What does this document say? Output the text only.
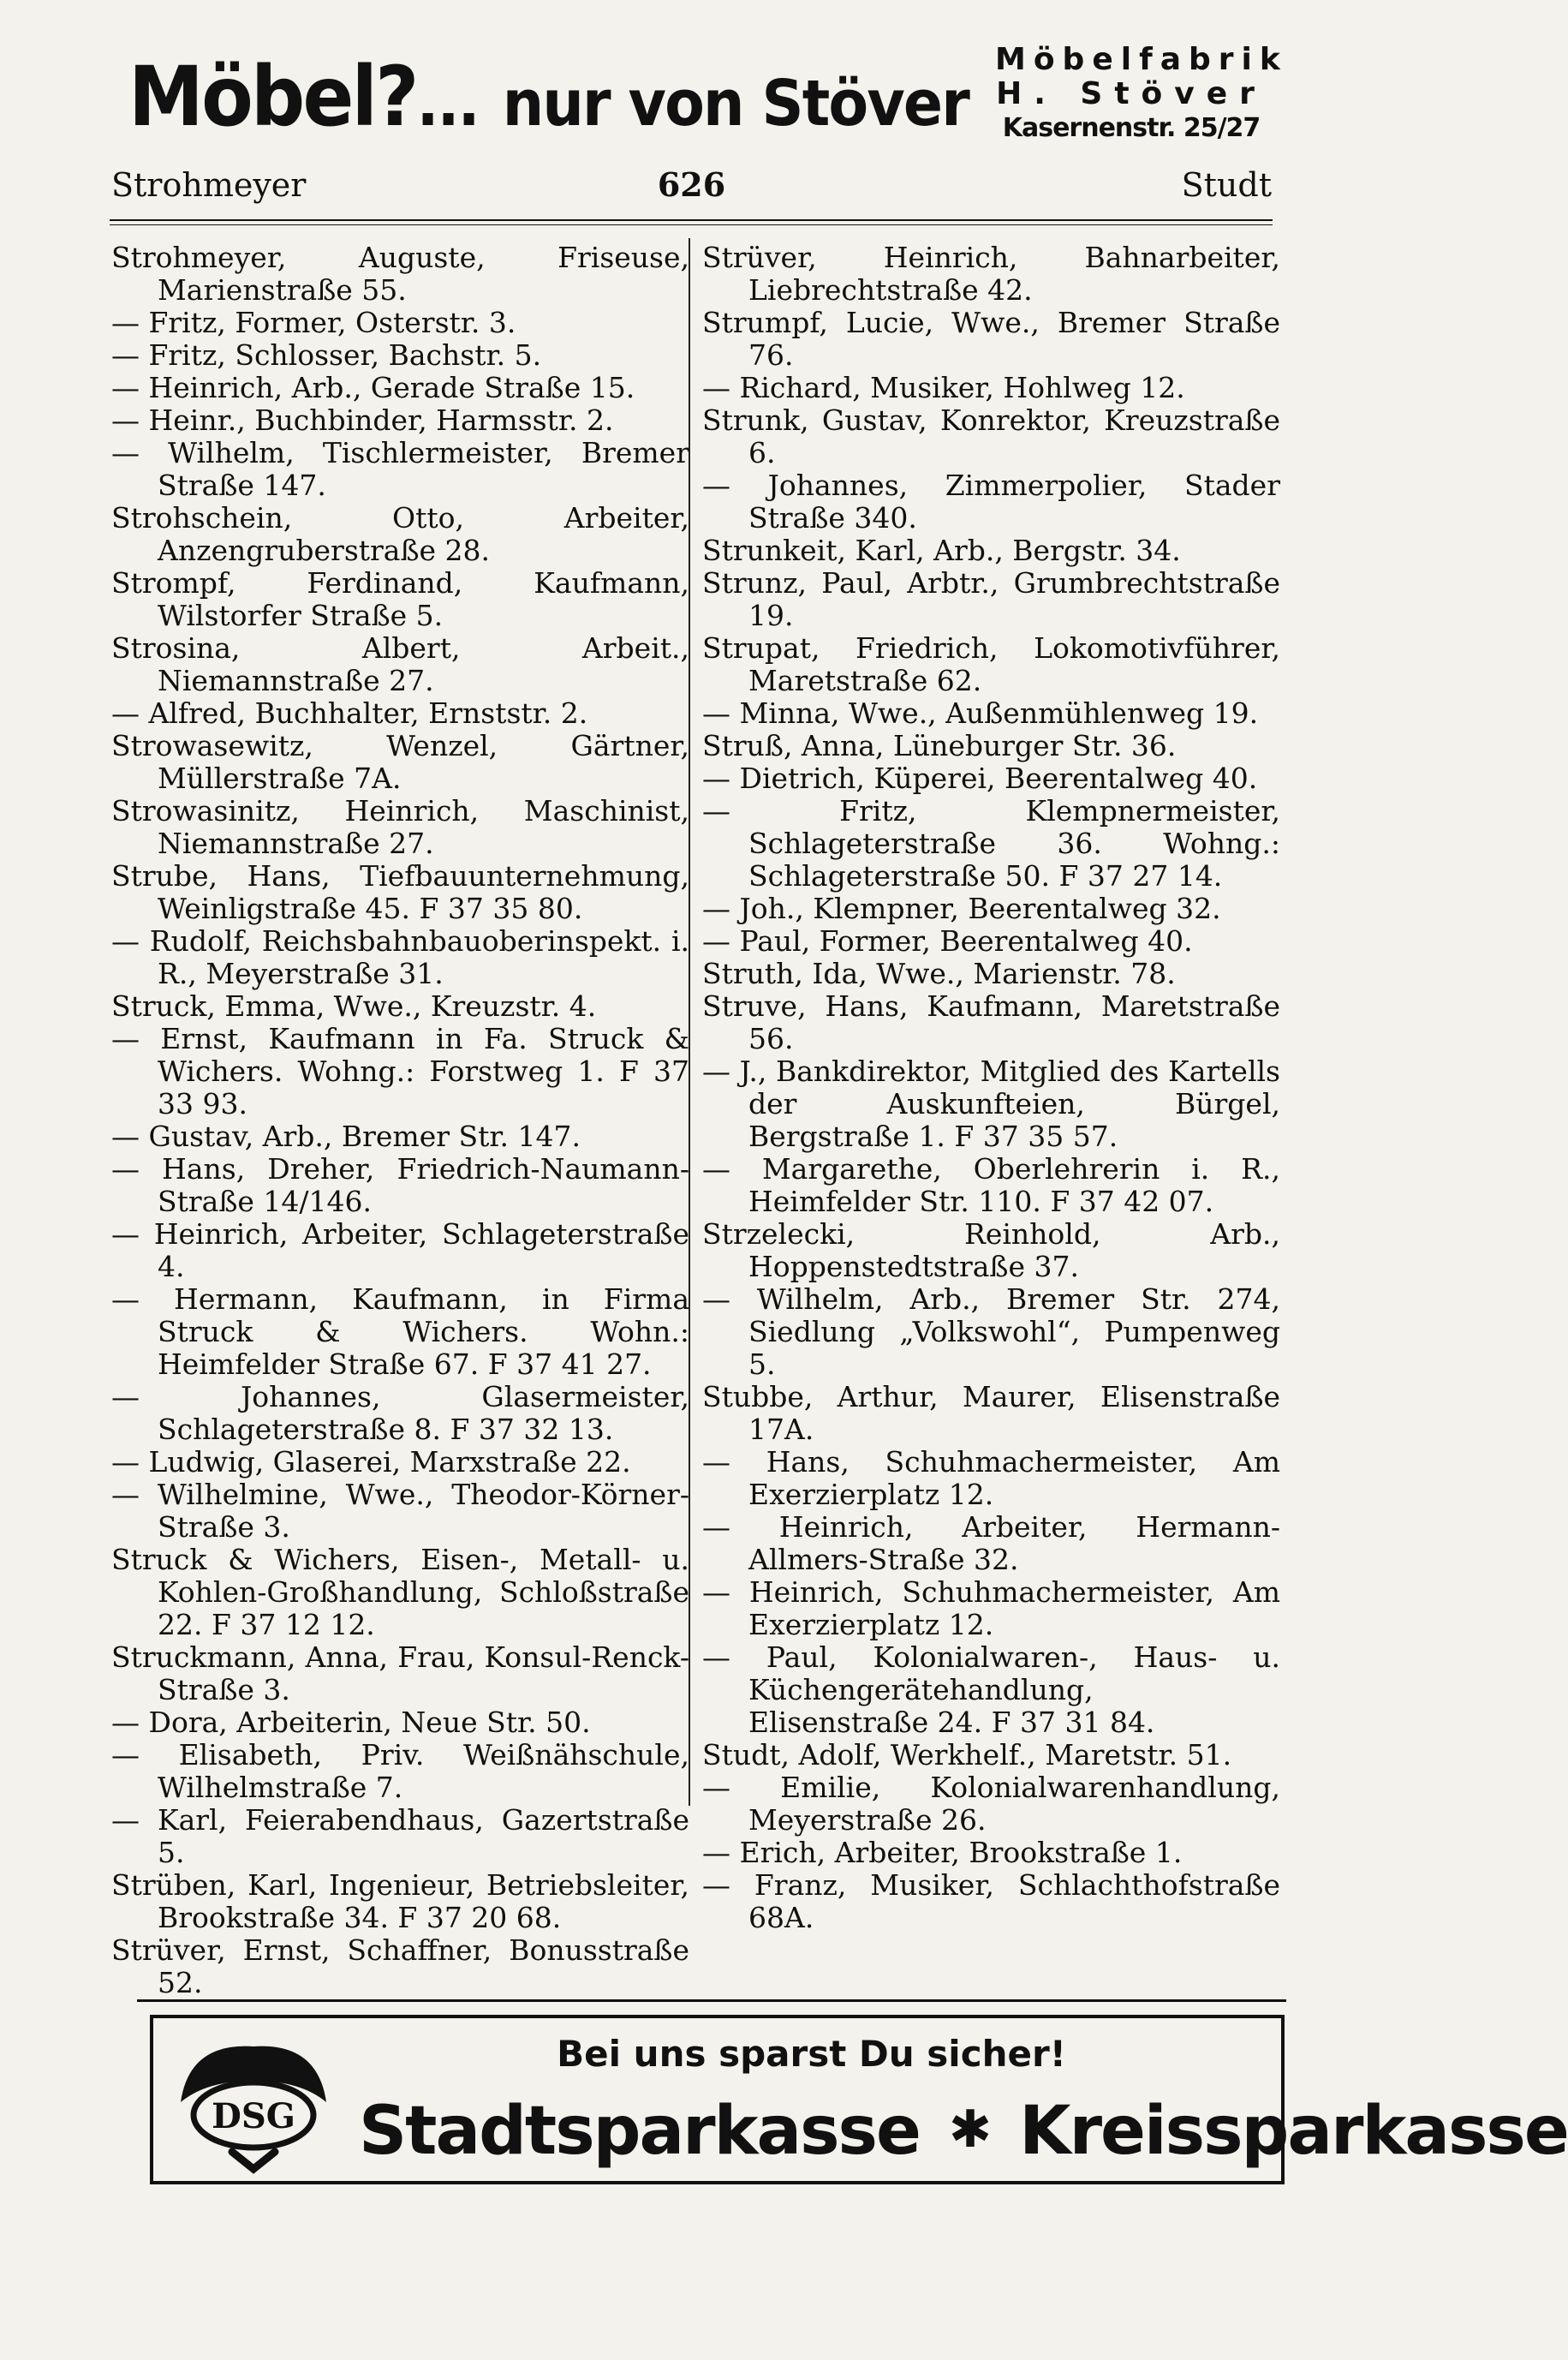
Möbel?... nur von Stöver
Möbelfabrik
H. Stöver
Kasernenstr. 25/27
Strohmeyer	626	Studt

Strohmeyer, Auguste, Friseuse, Marienstraße 55.

— Fritz, Former, Osterstr. 3.

— Fritz, Schlosser, Bachstr. 5.

— Heinrich, Arb., Gerade Straße 15.

— Heinr., Buchbinder, Harmsstr. 2.

— Wilhelm, Tischlermeister, Bremer Straße 147.

Strohschein, Otto, Arbeiter, Anzengruberstraße 28.

Strompf, Ferdinand, Kaufmann, Wilstorfer Straße 5.

Strosina, Albert, Arbeit., Niemannstraße 27.

— Alfred, Buchhalter, Ernststr. 2.

Strowasewitz, Wenzel, Gärtner, Müllerstraße 7A.

Strowasinitz, Heinrich, Maschinist, Niemannstraße 27.

Strube, Hans, Tiefbauunternehmung, Weinligstraße 45. F 37 35 80.

— Rudolf, Reichsbahnbauoberinspekt. i. R., Meyerstraße 31.

Struck, Emma, Wwe., Kreuzstr. 4.

— Ernst, Kaufmann in Fa. Struck & Wichers. Wohng.: Forstweg 1. F 37 33 93.

— Gustav, Arb., Bremer Str. 147.

— Hans, Dreher, Friedrich-Naumann-Straße 14/146.

— Heinrich, Arbeiter, Schlageterstraße 4.

— Hermann, Kaufmann, in Firma Struck & Wichers. Wohn.: Heimfelder Straße 67. F 37 41 27.

— Johannes, Glasermeister, Schlageterstraße 8. F 37 32 13.

— Ludwig, Glaserei, Marxstraße 22.

— Wilhelmine, Wwe., Theodor-Körner-Straße 3.

Struck & Wichers, Eisen-, Metall- u. Kohlen-Großhandlung, Schloßstraße 22. F 37 12 12.

Struckmann, Anna, Frau, Konsul-Renck-Straße 3.

— Dora, Arbeiterin, Neue Str. 50.

— Elisabeth, Priv. Weißnähschule, Wilhelmstraße 7.

— Karl, Feierabendhaus, Gazertstraße 5.

Strüben, Karl, Ingenieur, Betriebsleiter, Brookstraße 34. F 37 20 68.

Strüver, Ernst, Schaffner, Bonusstraße 52.

Strüver, Heinrich, Bahnarbeiter, Liebrechtstraße 42.

Strumpf, Lucie, Wwe., Bremer Straße 76.

— Richard, Musiker, Hohlweg 12.

Strunk, Gustav, Konrektor, Kreuzstraße 6.

— Johannes, Zimmerpolier, Stader Straße 340.

Strunkeit, Karl, Arb., Bergstr. 34.

Strunz, Paul, Arbtr., Grumbrechtstraße 19.

Strupat, Friedrich, Lokomotivführer, Maretstraße 62.

— Minna, Wwe., Außenmühlenweg 19.

Struß, Anna, Lüneburger Str. 36.

— Dietrich, Küperei, Beerentalweg 40.

— Fritz, Klempnermeister, Schlageterstraße 36. Wohng.: Schlageterstraße 50. F 37 27 14.

— Joh., Klempner, Beerentalweg 32.

— Paul, Former, Beerentalweg 40.

Struth, Ida, Wwe., Marienstr. 78.

Struve, Hans, Kaufmann, Maretstraße 56.

— J., Bankdirektor, Mitglied des Kartells der Auskunfteien, Bürgel, Bergstraße 1. F 37 35 57.

— Margarethe, Oberlehrerin i. R., Heimfelder Str. 110. F 37 42 07.

Strzelecki, Reinhold, Arb., Hoppenstedtstraße 37.

— Wilhelm, Arb., Bremer Str. 274, Siedlung „Volkswohl“, Pumpenweg 5.

Stubbe, Arthur, Maurer, Elisenstraße 17A.

— Hans, Schuhmachermeister, Am Exerzierplatz 12.

— Heinrich, Arbeiter, Hermann-Allmers-Straße 32.

— Heinrich, Schuhmachermeister, Am Exerzierplatz 12.

— Paul, Kolonialwaren-, Haus- u. Küchengerätehandlung, Elisenstraße 24. F 37 31 84.

Studt, Adolf, Werkhelf., Maretstr. 51.

— Emilie, Kolonialwarenhandlung, Meyerstraße 26.

— Erich, Arbeiter, Brookstraße 1.

— Franz, Musiker, Schlachthofstraße 68A.

DSG
Bei uns sparst Du sicher!
Stadtsparkasse ✱ Kreissparkasse
